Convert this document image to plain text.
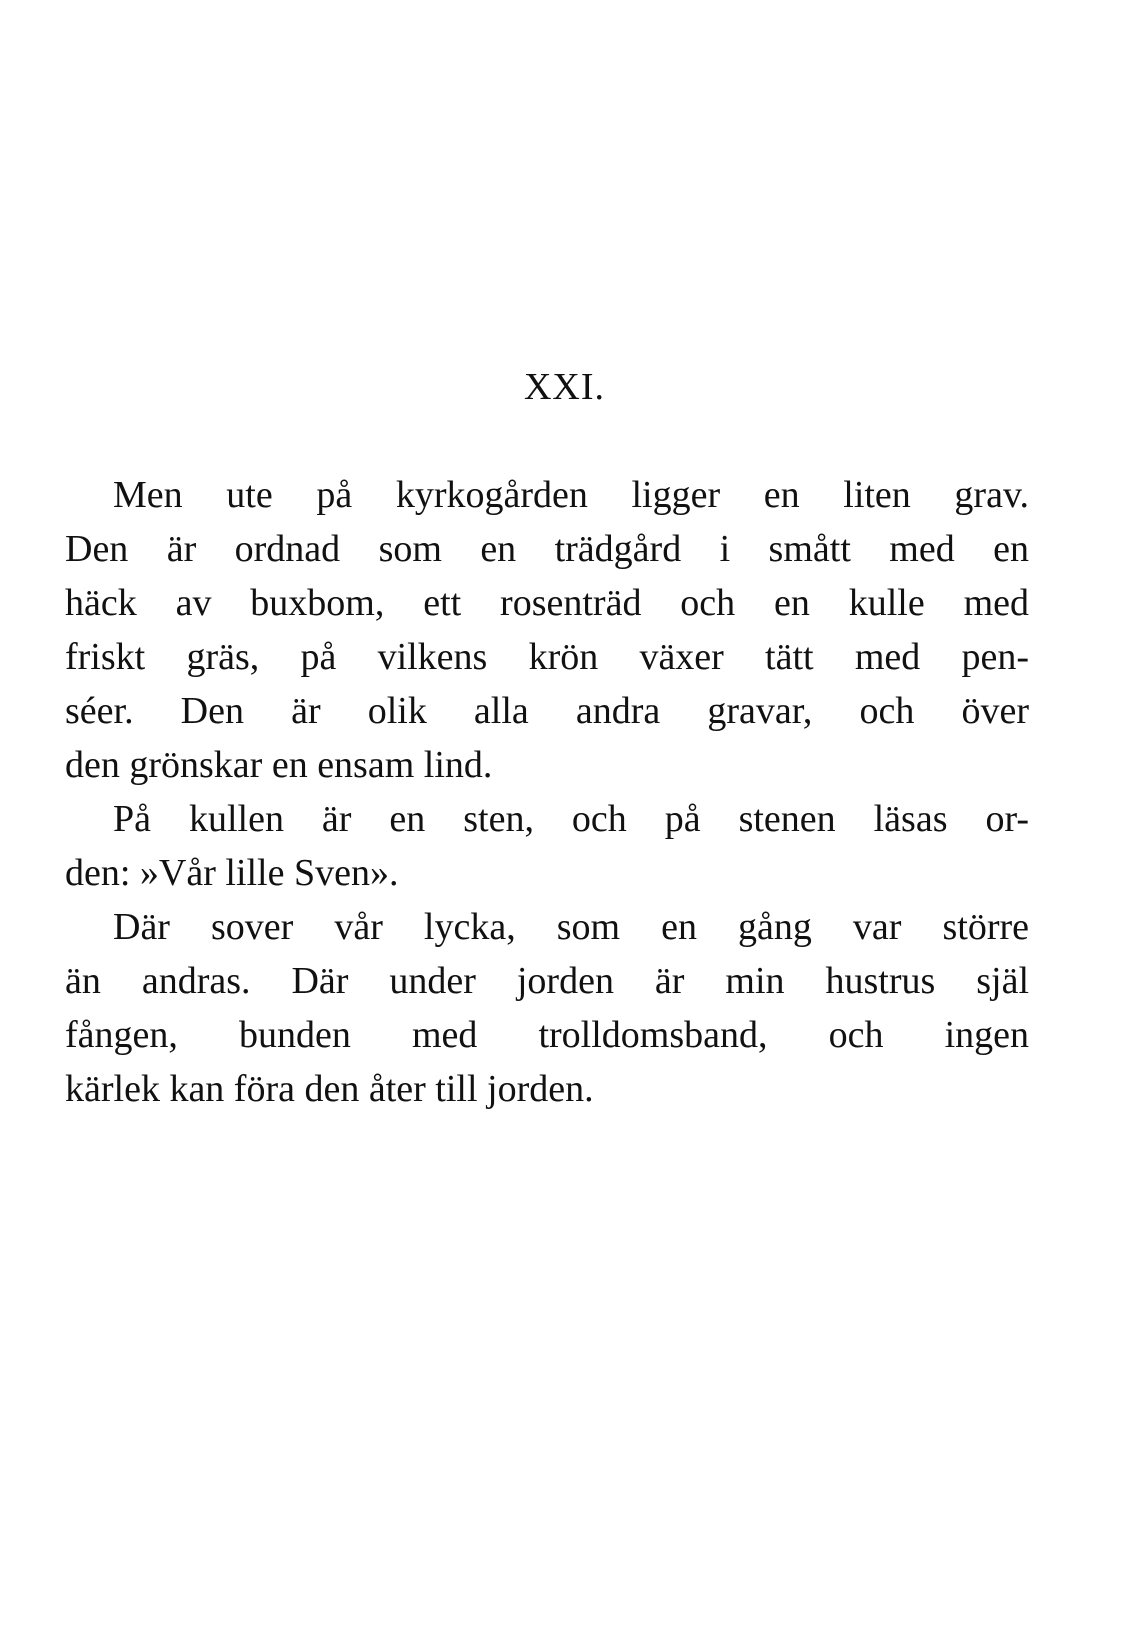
XXI.
Men ute på kyrkogården ligger en liten grav.
Den är ordnad som en trädgård i smått med en
häck av buxbom, ett rosenträd och en kulle med
friskt gräs, på vilkens krön växer tätt med pen-
séer. Den är olik alla andra gravar, och över
den grönskar en ensam lind.
På kullen är en sten, och på stenen läsas or-
den: »Vår lille Sven».
Där sover vår lycka, som en gång var större
än andras. Där under jorden är min hustrus själ
fången, bunden med trolldomsband, och ingen
kärlek kan föra den åter till jorden.
